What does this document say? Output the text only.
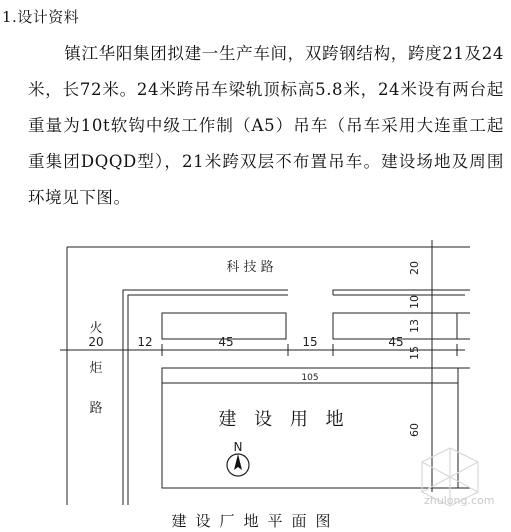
1.设计资料

镇江华阳集团拟建一生产车间，双跨钢结构，跨度21及24米，长72米。24米跨吊车梁轨顶标高5.8米，24米设有两台起重量为10t软钩中级工作制（A5）吊车（吊车采用大连重工起重集团DQQD型），21米跨双层不布置吊车。建设场地及周围环境见下图。

科 技 路
火
炬
路
20	12	45	15	45
105
20
10
13
15
60
建 设 用 地
N
zhulong.com
建设厂地平面图
